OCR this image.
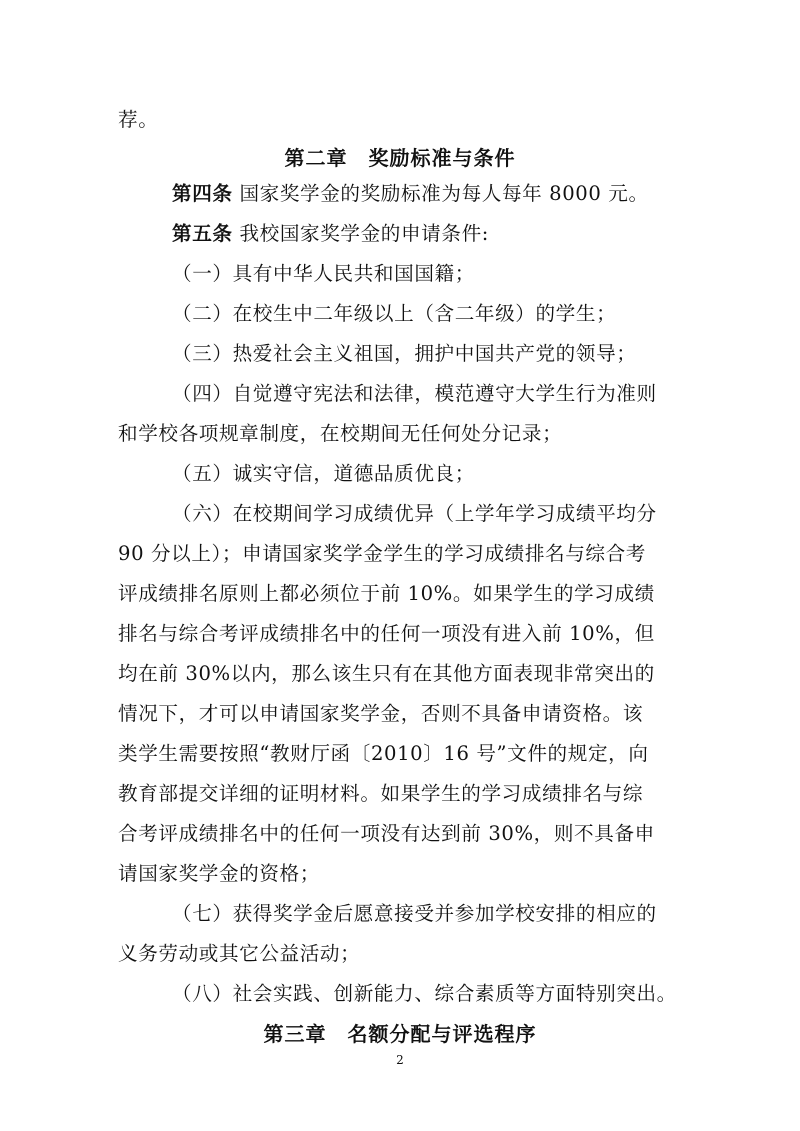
荐。
第二章　奖励标准与条件
第四条 国家奖学金的奖励标准为每人每年 8000 元。
第五条 我校国家奖学金的申请条件:
（一）具有中华人民共和国国籍；
（二）在校生中二年级以上（含二年级）的学生；
（三）热爱社会主义祖国，拥护中国共产党的领导；
（四）自觉遵守宪法和法律，模范遵守大学生行为准则
和学校各项规章制度，在校期间无任何处分记录；
（五）诚实守信，道德品质优良；
（六）在校期间学习成绩优异（上学年学习成绩平均分
90 分以上）；申请国家奖学金学生的学习成绩排名与综合考
评成绩排名原则上都必须位于前 10%。如果学生的学习成绩
排名与综合考评成绩排名中的任何一项没有进入前 10%，但
均在前 30%以内，那么该生只有在其他方面表现非常突出的
情况下，才可以申请国家奖学金，否则不具备申请资格。该
类学生需要按照“教财厅函〔2010〕16 号”文件的规定，向
教育部提交详细的证明材料。如果学生的学习成绩排名与综
合考评成绩排名中的任何一项没有达到前 30%，则不具备申
请国家奖学金的资格；
（七）获得奖学金后愿意接受并参加学校安排的相应的
义务劳动或其它公益活动；
（八）社会实践、创新能力、综合素质等方面特别突出。
第三章　名额分配与评选程序
2
